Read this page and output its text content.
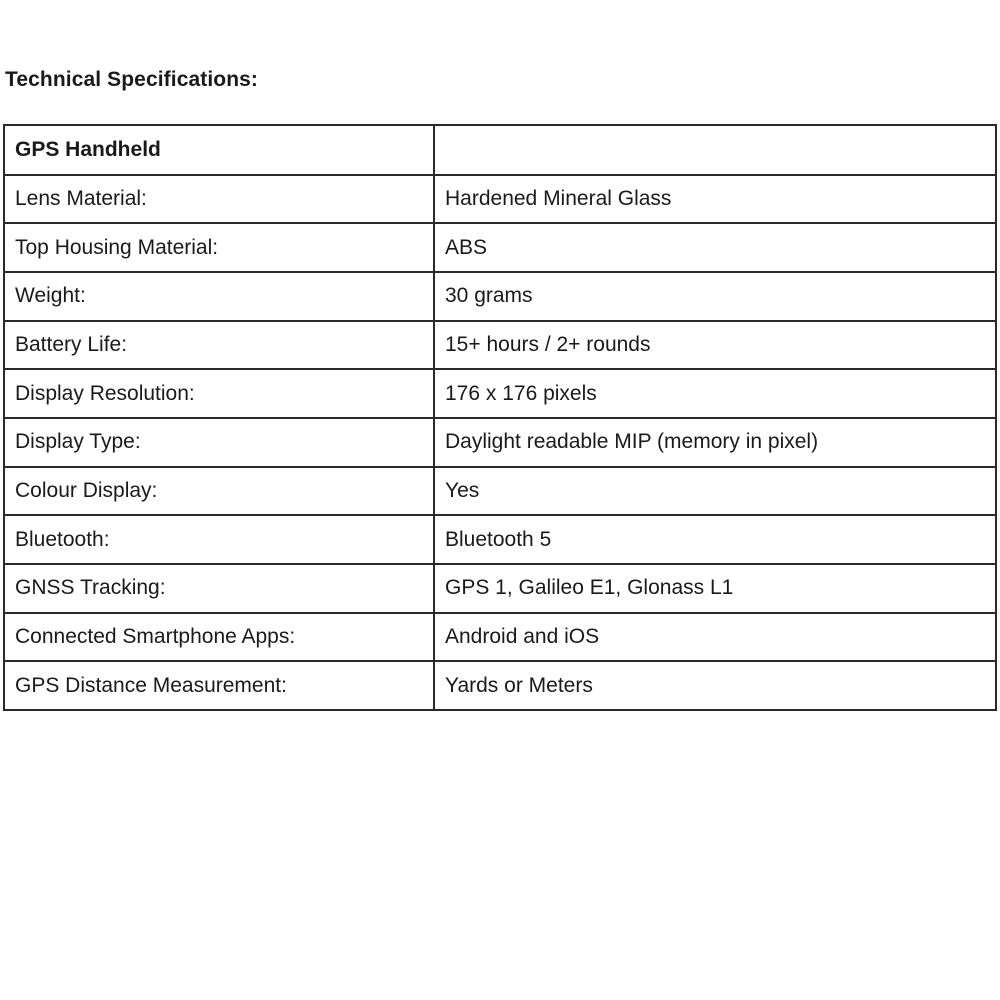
Technical Specifications:
GPS Handheld	
Lens Material:	Hardened Mineral Glass
Top Housing Material:	ABS
Weight:	30 grams
Battery Life:	15+ hours / 2+ rounds
Display Resolution:	176 x 176 pixels
Display Type:	Daylight readable MIP (memory in pixel)
Colour Display:	Yes
Bluetooth:	Bluetooth 5
GNSS Tracking:	GPS 1, Galileo E1, Glonass L1
Connected Smartphone Apps:	Android and iOS
GPS Distance Measurement:	Yards or Meters
